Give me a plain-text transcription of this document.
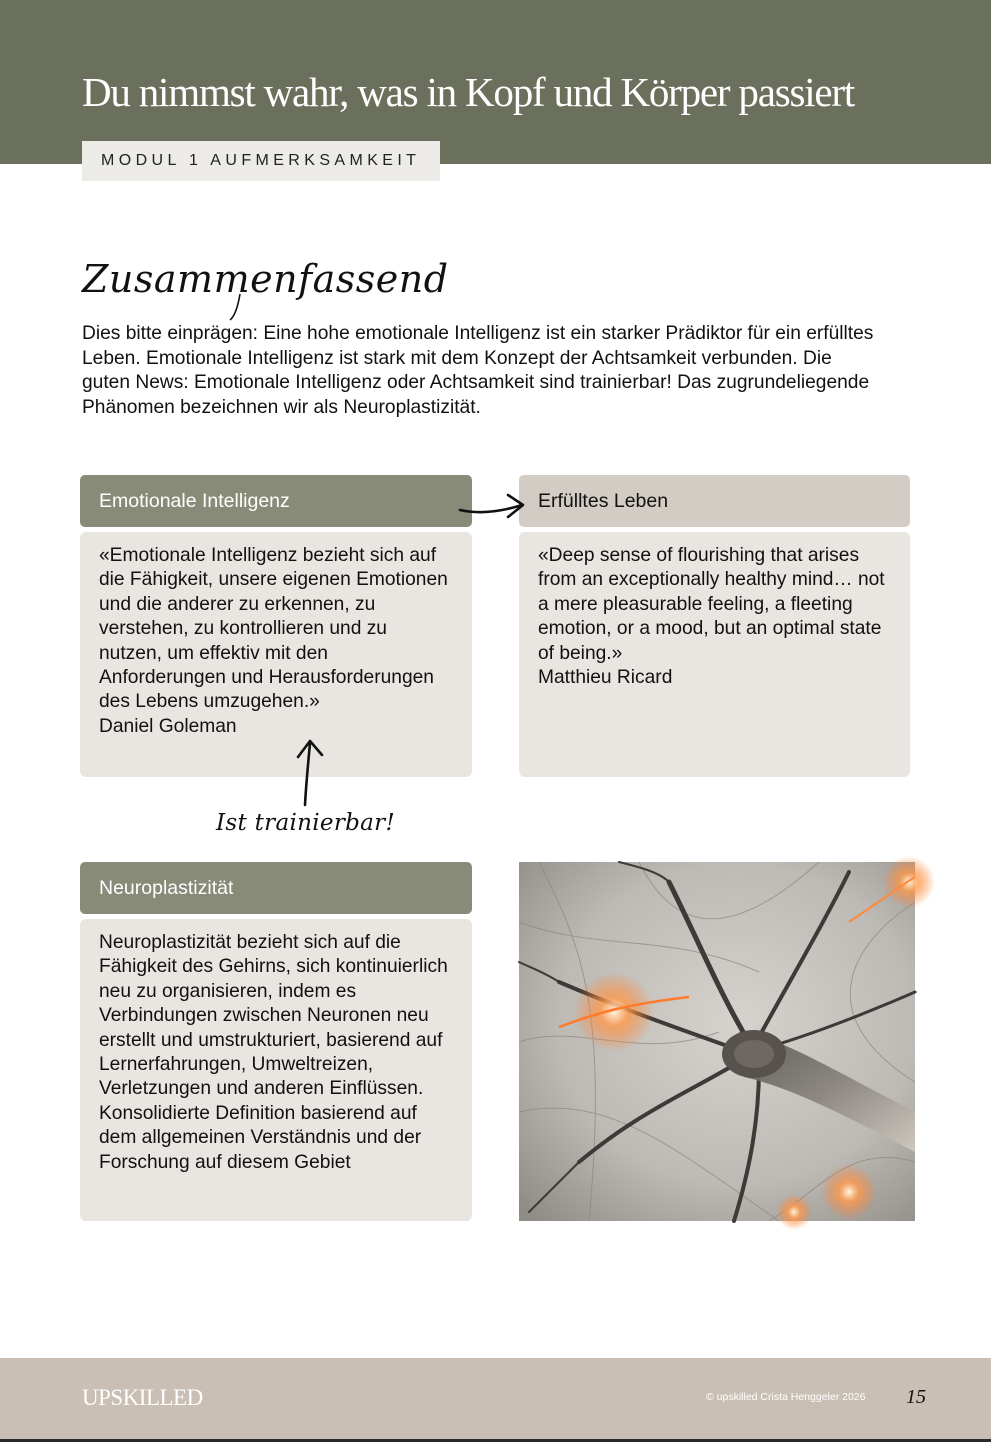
Du nimmst wahr, was in Kopf und Körper passiert
MODUL 1 AUFMERKSAMKEIT
Zusammenfassend

Dies bitte einprägen: Eine hohe emotionale Intelligenz ist ein starker Prädiktor für ein erfülltes Leben. Emotionale Intelligenz ist stark mit dem Konzept der Achtsamkeit verbunden. Die guten News: Emotionale Intelligenz oder Achtsamkeit sind trainierbar! Das zugrundeliegende Phänomen bezeichnen wir als Neuroplastizität.

Emotionale Intelligenz

«Emotionale Intelligenz bezieht sich auf die Fähigkeit, unsere eigenen Emotionen und die anderer zu erkennen, zu verstehen, zu kontrollieren und zu nutzen, um effektiv mit den Anforderungen und Herausforderungen des Lebens umzugehen.»

Daniel Goleman

Erfülltes Leben

«Deep sense of flourishing that arises from an exceptionally healthy mind… not a mere pleasurable feeling, a fleeting emotion, or a mood, but an optimal state of being.»

Matthieu Ricard

Ist trainierbar!
Neuroplastizität

Neuroplastizität bezieht sich auf die Fähigkeit des Gehirns, sich kontinuierlich neu zu organisieren, indem es Verbindungen zwischen Neuronen neu erstellt und umstrukturiert, basierend auf Lernerfahrungen, Umweltreizen, Verletzungen und anderen Einflüssen. Konsolidierte Definition basierend auf dem allgemeinen Verständnis und der Forschung auf diesem Gebiet

UPSKILLED	© upskilled Crista Henggeler 2026 15
